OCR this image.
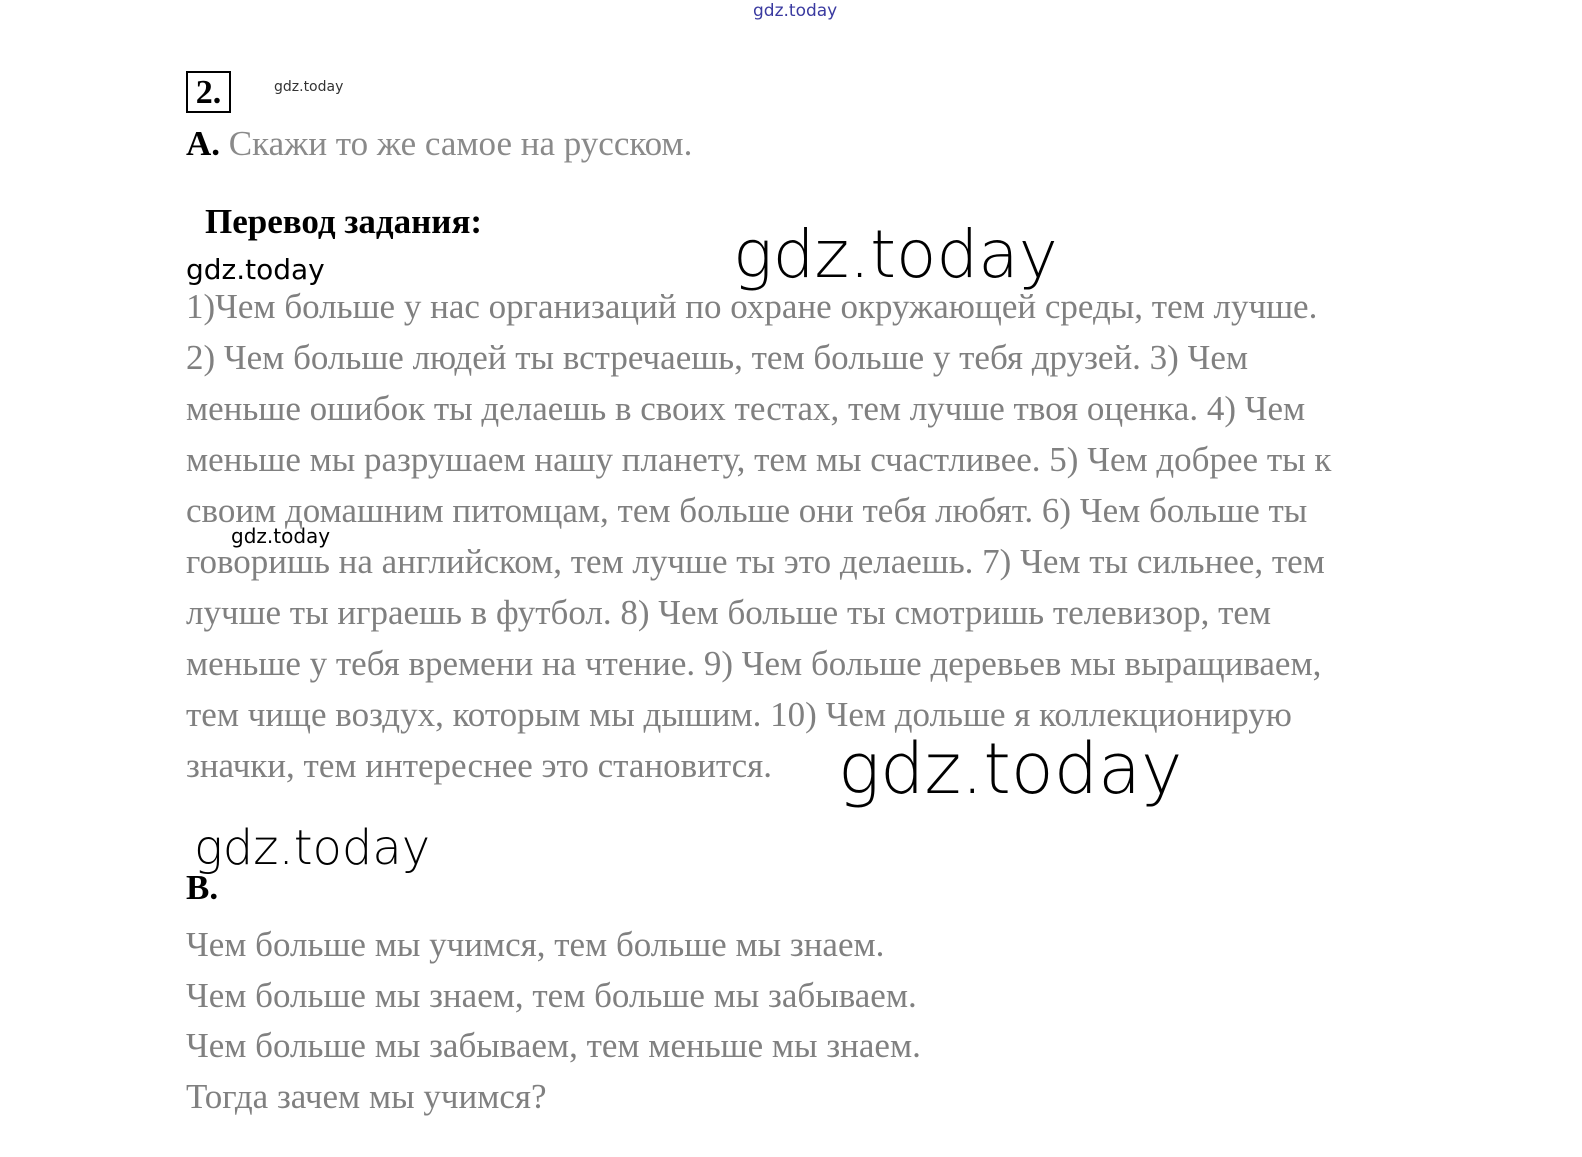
gdz.today
2.	gdz.today
A. Скажи то же самое на русском.
Перевод задания:	gdz.today
gdz.today
1)Чем больше у нас организаций по охране окружающей среды, тем лучше.
2) Чем больше людей ты встречаешь, тем больше у тебя друзей. 3) Чем
меньше ошибок ты делаешь в своих тестах, тем лучше твоя оценка. 4) Чем
меньше мы разрушаем нашу планету, тем мы счастливее. 5) Чем добрее ты к
своим домашним питомцам, тем больше они тебя любят. 6) Чем больше ты
говоришь на английском, тем лучше ты это делаешь. 7) Чем ты сильнее, тем
лучше ты играешь в футбол. 8) Чем больше ты смотришь телевизор, тем
меньше у тебя времени на чтение. 9) Чем больше деревьев мы выращиваем,
тем чище воздух, которым мы дышим. 10) Чем дольше я коллекционирую
значки, тем интереснее это становится.
gdz.today
gdz.today
gdz.today
B.
Чем больше мы учимся, тем больше мы знаем.
Чем больше мы знаем, тем больше мы забываем.
Чем больше мы забываем, тем меньше мы знаем.
Тогда зачем мы учимся?
